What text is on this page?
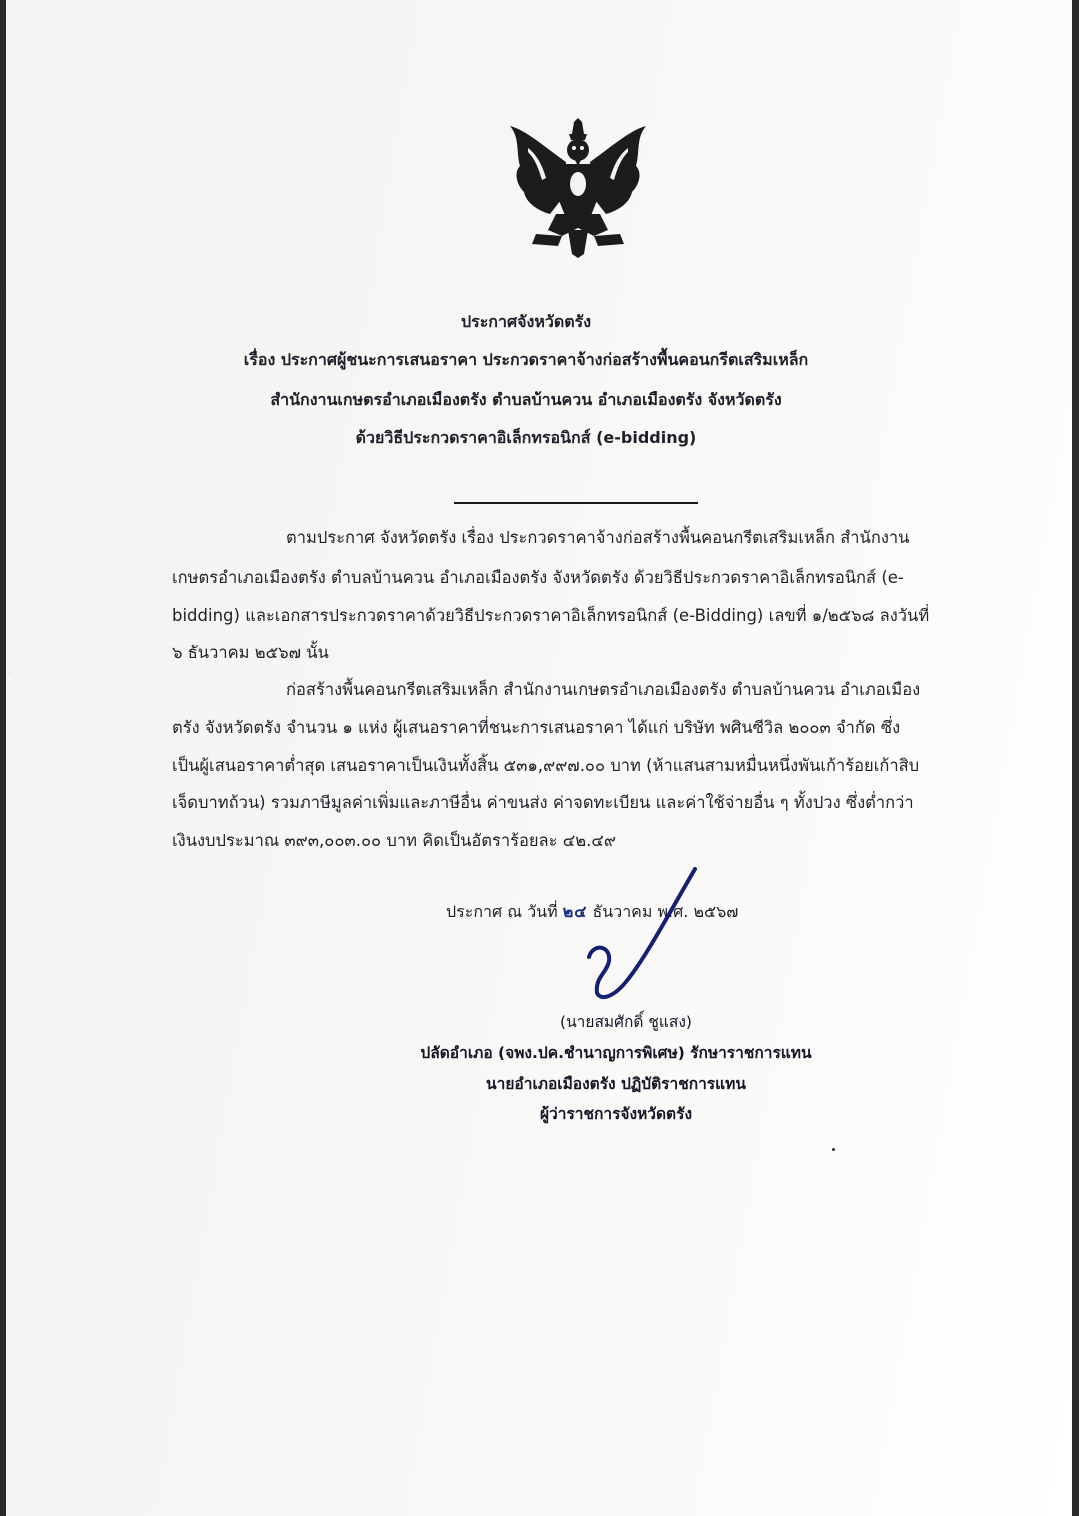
ประกาศจังหวัดตรัง
เรื่อง ประกาศผู้ชนะการเสนอราคา ประกวดราคาจ้างก่อสร้างพื้นคอนกรีตเสริมเหล็ก
สำนักงานเกษตรอำเภอเมืองตรัง ตำบลบ้านควน อำเภอเมืองตรัง จังหวัดตรัง
ด้วยวิธีประกวดราคาอิเล็กทรอนิกส์ (e-bidding)
ตามประกาศ จังหวัดตรัง เรื่อง ประกวดราคาจ้างก่อสร้างพื้นคอนกรีตเสริมเหล็ก สำนักงาน
เกษตรอำเภอเมืองตรัง ตำบลบ้านควน อำเภอเมืองตรัง จังหวัดตรัง ด้วยวิธีประกวดราคาอิเล็กทรอนิกส์ (e-
bidding) และเอกสารประกวดราคาด้วยวิธีประกวดราคาอิเล็กทรอนิกส์ (e-Bidding) เลขที่ ๑/๒๕๖๘ ลงวันที่
๖ ธันวาคม ๒๕๖๗ นั้น
ก่อสร้างพื้นคอนกรีตเสริมเหล็ก สำนักงานเกษตรอำเภอเมืองตรัง ตำบลบ้านควน อำเภอเมือง
ตรัง จังหวัดตรัง จำนวน ๑ แห่ง ผู้เสนอราคาที่ชนะการเสนอราคา ได้แก่ บริษัท พศินซีวิล ๒๐๐๓ จำกัด ซึ่ง
เป็นผู้เสนอราคาต่ำสุด เสนอราคาเป็นเงินทั้งสิ้น ๕๓๑,๙๙๗.๐๐ บาท (ห้าแสนสามหมื่นหนึ่งพันเก้าร้อยเก้าสิบ
เจ็ดบาทถ้วน) รวมภาษีมูลค่าเพิ่มและภาษีอื่น ค่าขนส่ง ค่าจดทะเบียน และค่าใช้จ่ายอื่น ๆ ทั้งปวง ซึ่งต่ำกว่า
เงินงบประมาณ ๓๙๓,๐๐๓.๐๐ บาท คิดเป็นอัตราร้อยละ ๔๒.๔๙
ประกาศ ณ วันที่ ๒๔ ธันวาคม พ.ศ. ๒๕๖๗
(นายสมศักดิ์ ชูแสง)
ปลัดอำเภอ (จพง.ปค.ชำนาญการพิเศษ) รักษาราชการแทน
นายอำเภอเมืองตรัง ปฏิบัติราชการแทน
ผู้ว่าราชการจังหวัดตรัง
